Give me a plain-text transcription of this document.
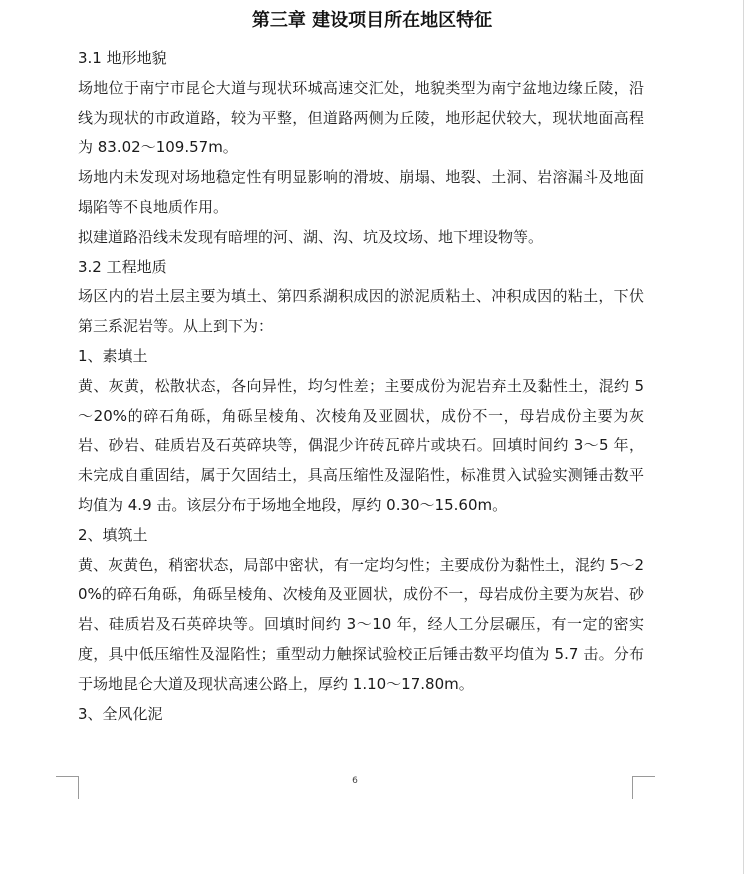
第三章 建设项目所在地区特征

3.1 地形地貌

场地位于南宁市昆仑大道与现状环城高速交汇处，地貌类型为南宁盆地边缘丘陵，沿线为现状的市政道路，较为平整，但道路两侧为丘陵，地形起伏较大，现状地面高程为 83.02～109.57m。

场地内未发现对场地稳定性有明显影响的滑坡、崩塌、地裂、土洞、岩溶漏斗及地面塌陷等不良地质作用。

拟建道路沿线未发现有暗埋的河、湖、沟、坑及坟场、地下埋设物等。

3.2 工程地质

场区内的岩土层主要为填土、第四系湖积成因的淤泥质粘土、冲积成因的粘土，下伏第三系泥岩等。从上到下为：

1、素填土

黄、灰黄，松散状态，各向异性，均匀性差；主要成份为泥岩弃土及黏性土，混约 5～20%的碎石角砾，角砾呈棱角、次棱角及亚圆状，成份不一，母岩成份主要为灰岩、砂岩、硅质岩及石英碎块等，偶混少许砖瓦碎片或块石。回填时间约 3～5 年，未完成自重固结，属于欠固结土，具高压缩性及湿陷性，标准贯入试验实测锤击数平均值为 4.9 击。该层分布于场地全地段，厚约 0.30～15.60m。

2、填筑土

黄、灰黄色，稍密状态，局部中密状，有一定均匀性；主要成份为黏性土，混约 5～20%的碎石角砾，角砾呈棱角、次棱角及亚圆状，成份不一，母岩成份主要为灰岩、砂岩、硅质岩及石英碎块等。回填时间约 3～10 年，经人工分层碾压，有一定的密实度，具中低压缩性及湿陷性；重型动力触探试验校正后锤击数平均值为 5.7 击。分布于场地昆仑大道及现状高速公路上，厚约 1.10～17.80m。

3、全风化泥

6
